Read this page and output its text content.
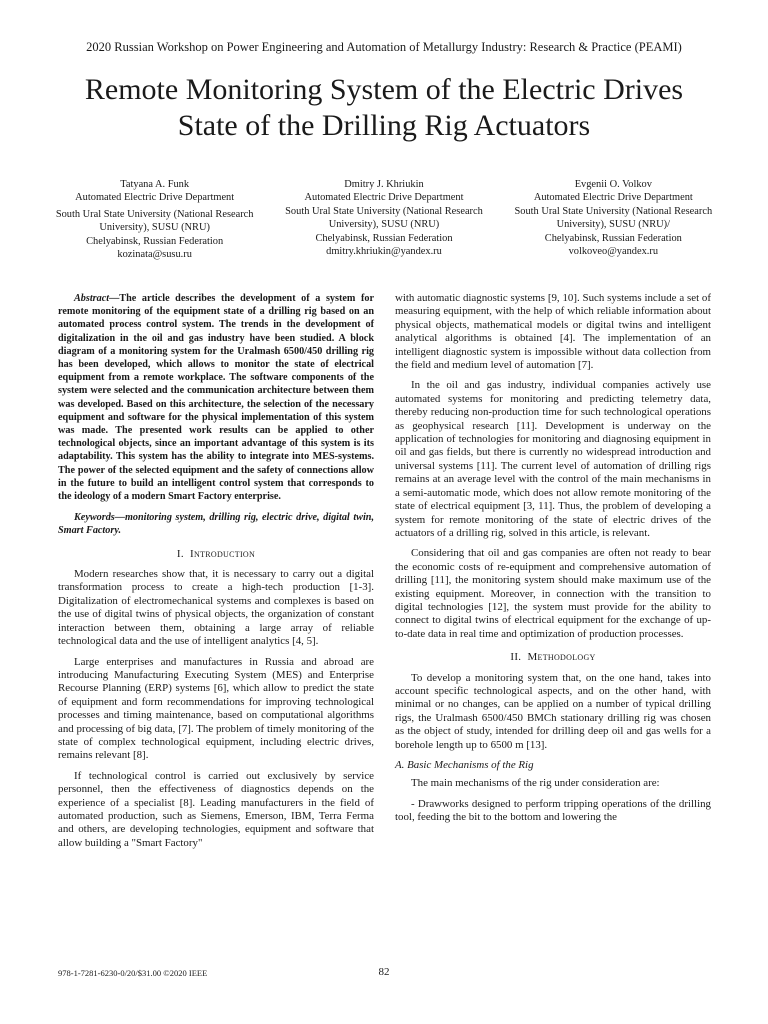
2020 Russian Workshop on Power Engineering and Automation of Metallurgy Industry: Research & Practice (PEAMI)
Remote Monitoring System of the Electric Drives
State of the Drilling Rig Actuators
Tatyana A. Funk
Automated Electric Drive Department
South Ural State University (National Research University), SUSU (NRU)
Chelyabinsk, Russian Federation
kozinata@susu.ru
Dmitry J. Khriukin
Automated Electric Drive Department
South Ural State University (National Research University), SUSU (NRU)
Chelyabinsk, Russian Federation
dmitry.khriukin@yandex.ru
Evgenii O. Volkov
Automated Electric Drive Department
South Ural State University (National Research University), SUSU (NRU)/
Chelyabinsk, Russian Federation
volkoveo@yandex.ru
Abstract—The article describes the development of a system for remote monitoring of the equipment state of a drilling rig based on an automated process control system. The trends in the development of digitalization in the oil and gas industry have been studied. A block diagram of a monitoring system for the Uralmash 6500/450 drilling rig has been developed, which allows to monitor the state of electrical equipment from a remote workplace. The software components of the system were selected and the communication architecture between them was developed. Based on this architecture, the selection of the necessary equipment and software for the physical implementation of this system was made. The presented work results can be applied to other technological objects, since an important advantage of this system is its adaptability. This system has the ability to integrate into MES-systems. The power of the selected equipment and the safety of connections allow in the future to build an intelligent control system that corresponds to the ideology of a modern Smart Factory enterprise.
Keywords—monitoring system, drilling rig, electric drive, digital twin, Smart Factory.
I. Introduction

Modern researches show that, it is necessary to carry out a digital transformation process to create a high-tech production [1-3]. Digitalization of electromechanical systems and complexes is based on the use of digital twins of physical objects, the organization of constant interaction between them, obtaining a large array of reliable technological data and the use of intelligent analytics [4, 5].

Large enterprises and manufactures in Russia and abroad are introducing Manufacturing Executing System (MES) and Enterprise Recourse Planning (ERP) systems [6], which allow to predict the state of equipment and form recommendations for improving technological processes and timing maintenance, based on computational algorithms and processing of big data, [7]. The problem of timely monitoring of the state of complex technological equipment, including electric drives, remains relevant [8].

If technological control is carried out exclusively by service personnel, then the effectiveness of diagnostics depends on the experience of a specialist [8]. Leading manufacturers in the field of automated production, such as Siemens, Emerson, IBM, Terra Ferma and others, are developing technologies, equipment and software that allow building a "Smart Factory"

with automatic diagnostic systems [9, 10]. Such systems include a set of measuring equipment, with the help of which reliable information about physical objects, mathematical models or digital twins and intelligent analytical algorithms is obtained [4]. The implementation of an intelligent diagnostic system is impossible without data collection from the field and medium level of automation [7].

In the oil and gas industry, individual companies actively use automated systems for monitoring and predicting telemetry data, thereby reducing non-production time for such technological operations as geophysical research [11]. Development is underway on the application of technologies for monitoring and diagnosing equipment in oil and gas fields, but there is currently no widespread introduction and universal systems [11]. The current level of automation of drilling rigs remains at an average level with the control of the main mechanisms in a semi-automatic mode, which does not allow remote monitoring of the state of electrical equipment [3, 11]. Thus, the problem of developing a system for remote monitoring of the state of electric drives of the actuators of a drilling rig, solved in this article, is relevant.

Considering that oil and gas companies are often not ready to bear the economic costs of re-equipment and comprehensive automation of drilling [11], the monitoring system should make maximum use of the existing equipment. Moreover, in connection with the transition to digital technologies [12], the system must provide for the ability to connect to digital twins of electrical equipment for the exchange of up-to-date data in real time and optimization of production processes.

II. Methodology

To develop a monitoring system that, on the one hand, takes into account specific technological aspects, and on the other hand, with minimal or no changes, can be applied on a number of typical drilling rigs, the Uralmash 6500/450 BMCh stationary drilling rig was chosen as the object of study, intended for drilling deep oil and gas wells for a borehole length up to 6500 m [13].

A. Basic Mechanisms of the Rig

The main mechanisms of the rig under consideration are:

- Drawworks designed to perform tripping operations of the drilling tool, feeding the bit to the bottom and lowering the

978-1-7281-6230-0/20/$31.00 ©2020 IEEE	82
